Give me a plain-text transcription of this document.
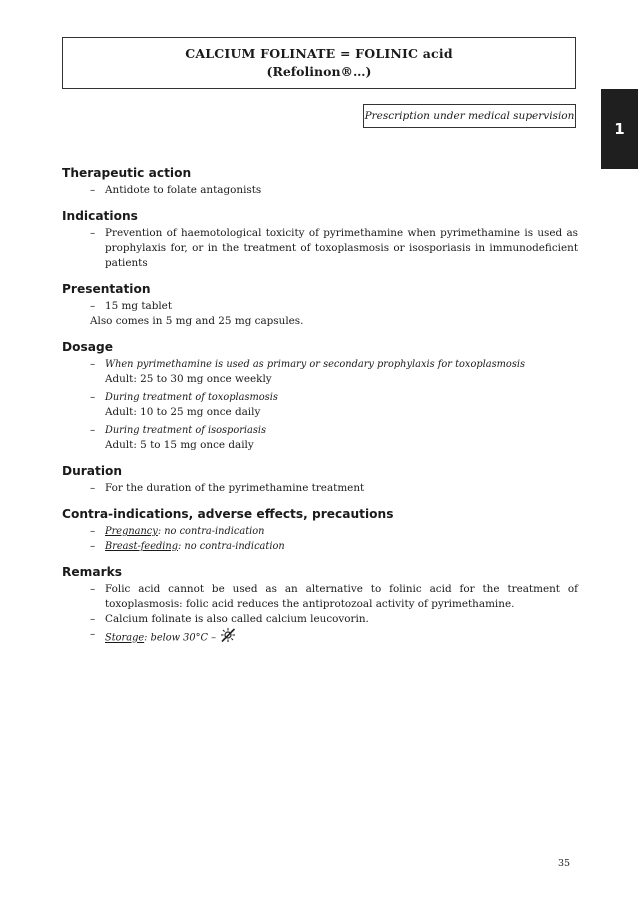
CALCIUM FOLINATE = FOLINIC acid
(Refolinon®…)
Prescription under medical supervision
1
Therapeutic action
– Antidote to folate antagonists
Indications
– Prevention of haemotological toxicity of pyrimethamine when pyrimethamine is used as prophylaxis for, or in the treatment of toxoplasmosis or isosporiasis in immunodeficient patients
Presentation
– 15 mg tablet
Also comes in 5 mg and 25 mg capsules.
Dosage
– When pyrimethamine is used as primary or secondary prophylaxis for toxoplasmosis
Adult: 25 to 30 mg once weekly
– During treatment of toxoplasmosis
Adult: 10 to 25 mg once daily
– During treatment of isosporiasis
Adult: 5 to 15 mg once daily
Duration
– For the duration of the pyrimethamine treatment
Contra-indications, adverse effects, precautions
– Pregnancy: no contra-indication
– Breast-feeding: no contra-indication
Remarks
– Folic acid cannot be used as an alternative to folinic acid for the treatment of toxoplasmosis: folic acid reduces the antiprotozoal activity of pyrimethamine.
– Calcium folinate is also called calcium leucovorin.
– Storage: below 30°C –
35
